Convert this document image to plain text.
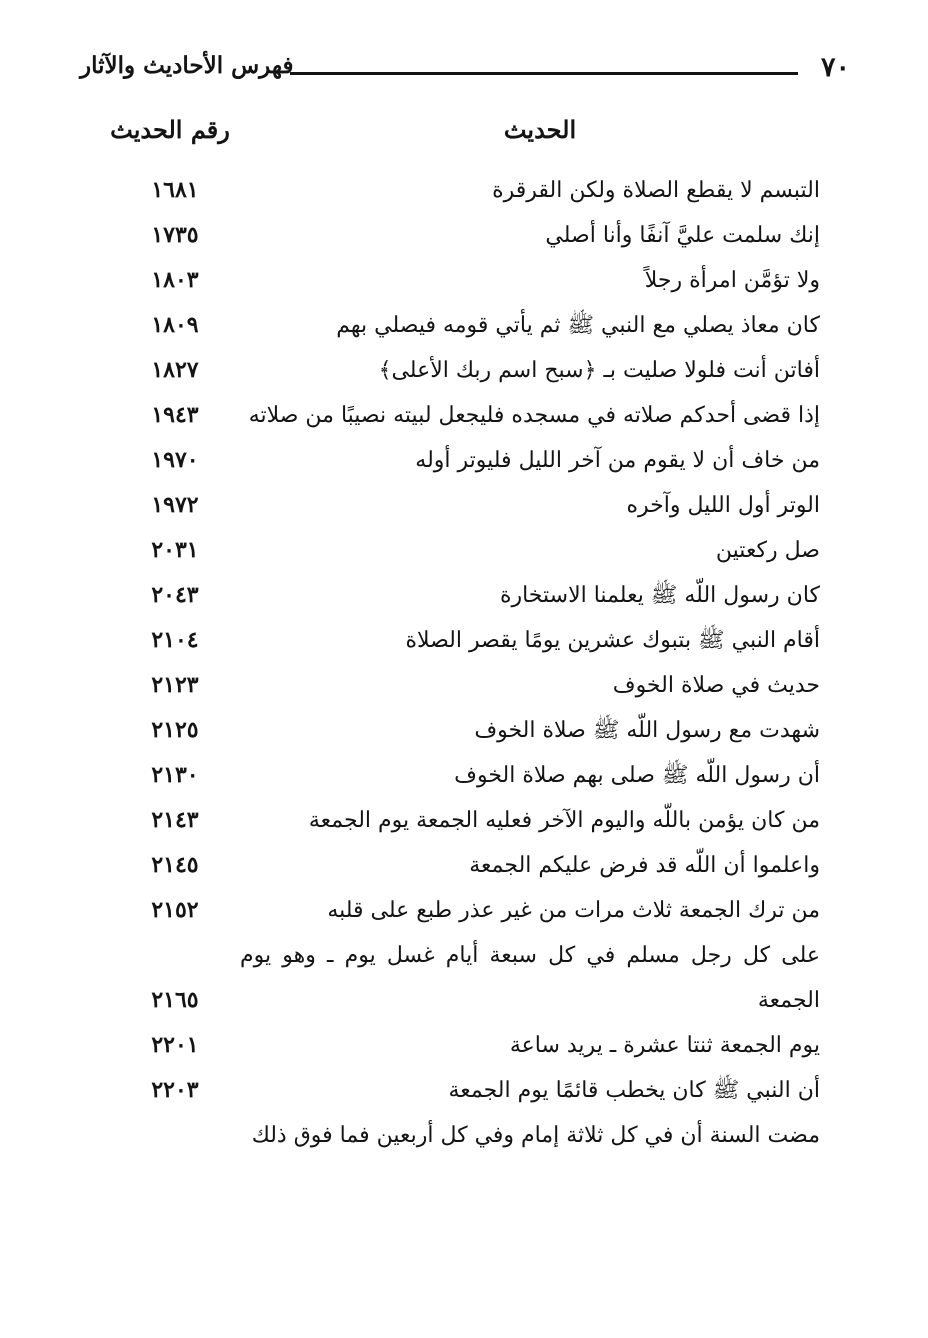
٧٠
فهرس الأحاديث والآثار
الحديث
رقم الحديث
التبسم لا يقطع الصلاة ولكن القرقرة
١٦٨١
إنك سلمت عليَّ آنفًا وأنا أصلي
١٧٣٥
ولا تؤمَّن امرأة رجلاً
١٨٠٣
كان معاذ يصلي مع النبي ﷺ ثم يأتي قومه فيصلي بهم
١٨٠٩
أفاتن أنت فلولا صليت بـ ﴿سبح اسم ربك الأعلى﴾
١٨٢٧
إذا قضى أحدكم صلاته في مسجده فليجعل لبيته نصيبًا من صلاته
١٩٤٣
من خاف أن لا يقوم من آخر الليل فليوتر أوله
١٩٧٠
الوتر أول الليل وآخره
١٩٧٢
صل ركعتين
٢٠٣١
كان رسول اللّه ﷺ يعلمنا الاستخارة
٢٠٤٣
أقام النبي ﷺ بتبوك عشرين يومًا يقصر الصلاة
٢١٠٤
حديث في صلاة الخوف
٢١٢٣
شهدت مع رسول اللّه ﷺ صلاة الخوف
٢١٢٥
أن رسول اللّه ﷺ صلى بهم صلاة الخوف
٢١٣٠
من كان يؤمن باللّه واليوم الآخر فعليه الجمعة يوم الجمعة
٢١٤٣
واعلموا أن اللّه قد فرض عليكم الجمعة
٢١٤٥
من ترك الجمعة ثلاث مرات من غير عذر طبع على قلبه
٢١٥٢
على كل رجل مسلم في كل سبعة أيام غسل يوم ـ وهو يوم الجمعة
٢١٦٥
يوم الجمعة ثنتا عشرة ـ يريد ساعة
٢٢٠١
أن النبي ﷺ كان يخطب قائمًا يوم الجمعة
٢٢٠٣
مضت السنة أن في كل ثلاثة إمام وفي كل أربعين فما فوق ذلك
